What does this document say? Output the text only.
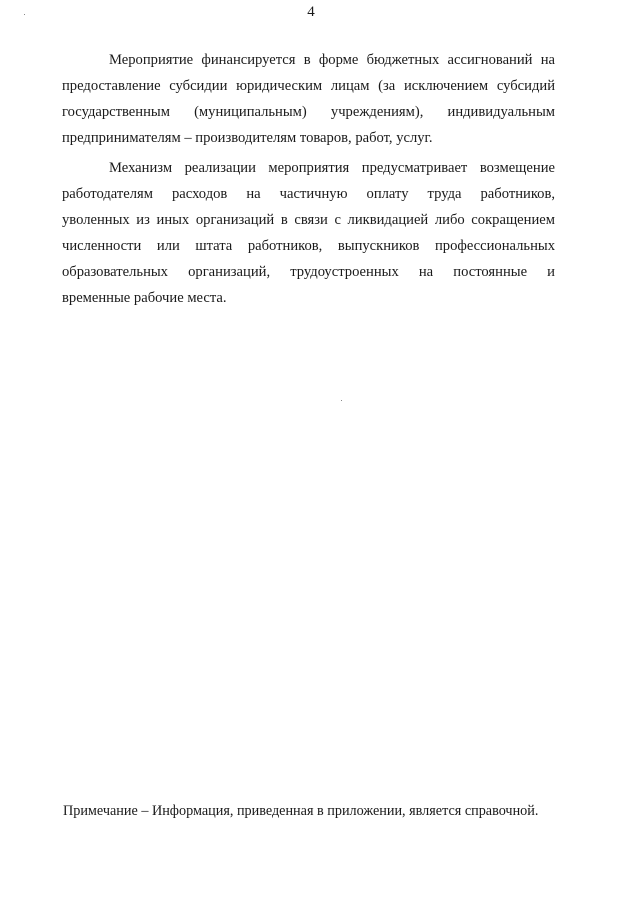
4
Мероприятие финансируется в форме бюджетных ассигнований на
предоставление субсидии юридическим лицам (за исключением субсидий
государственным (муниципальным) учреждениям), индивидуальным
предпринимателям – производителям товаров, работ, услуг.
Механизм реализации мероприятия предусматривает возмещение
работодателям расходов на частичную оплату труда работников,
уволенных из иных организаций в связи с ликвидацией либо сокращением
численности или штата работников, выпускников профессиональных
образовательных организаций, трудоустроенных на постоянные и
временные рабочие места.
Примечание – Информация, приведенная в приложении, является справочной.
